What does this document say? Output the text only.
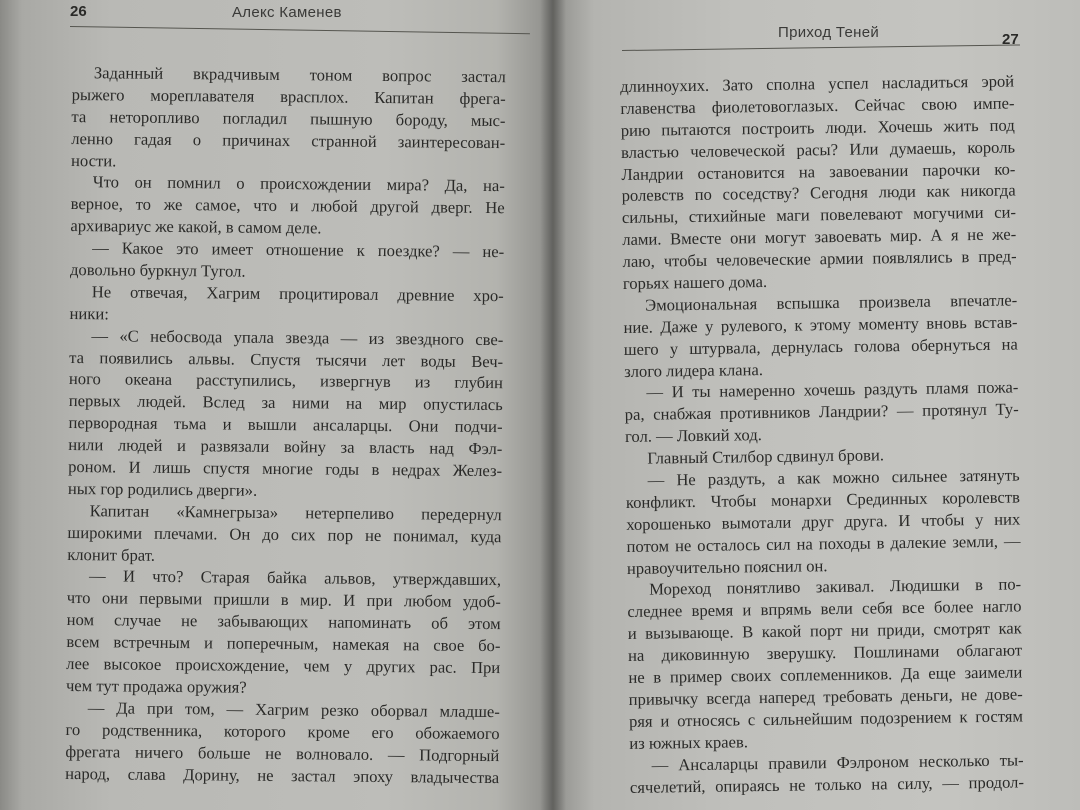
26	Алекс Каменев
Заданный вкрадчивым тоном вопрос застал
рыжего мореплавателя врасплох. Капитан фрега-
та неторопливо погладил пышную бороду, мыс-
ленно гадая о причинах странной заинтересован-
ности.
Что он помнил о происхождении мира? Да, на-
верное, то же самое, что и любой другой дверг. Не
архивариус же какой, в самом деле.
— Какое это имеет отношение к поездке? — не-
довольно буркнул Тугол.
Не отвечая, Хагрим процитировал древние хро-
ники:
— «С небосвода упала звезда — из звездного све-
та появились альвы. Спустя тысячи лет воды Веч-
ного океана расступились, извергнув из глубин
первых людей. Вслед за ними на мир опустилась
первородная тьма и вышли ансаларцы. Они подчи-
нили людей и развязали войну за власть над Фэл-
роном. И лишь спустя многие годы в недрах Желез-
ных гор родились дверги».
Капитан «Камнегрыза» нетерпеливо передернул
широкими плечами. Он до сих пор не понимал, куда
клонит брат.
— И что? Старая байка альвов, утверждавших,
что они первыми пришли в мир. И при любом удоб-
ном случае не забывающих напоминать об этом
всем встречным и поперечным, намекая на свое бо-
лее высокое происхождение, чем у других рас. При
чем тут продажа оружия?
— Да при том, — Хагрим резко оборвал младше-
го родственника, которого кроме его обожаемого
фрегата ничего больше не волновало. — Подгорный
народ, слава Дорину, не застал эпоху владычества
Приход Теней	27
длинноухих. Зато сполна успел насладиться эрой
главенства фиолетовоглазых. Сейчас свою импе-
рию пытаются построить люди. Хочешь жить под
властью человеческой расы? Или думаешь, король
Ландрии остановится на завоевании парочки ко-
ролевств по соседству? Сегодня люди как никогда
сильны, стихийные маги повелевают могучими си-
лами. Вместе они могут завоевать мир. А я не же-
лаю, чтобы человеческие армии появлялись в пред-
горьях нашего дома.
Эмоциональная вспышка произвела впечатле-
ние. Даже у рулевого, к этому моменту вновь встав-
шего у штурвала, дернулась голова обернуться на
злого лидера клана.
— И ты намеренно хочешь раздуть пламя пожа-
ра, снабжая противников Ландрии? — протянул Ту-
гол. — Ловкий ход.
Главный Стилбор сдвинул брови.
— Не раздуть, а как можно сильнее затянуть
конфликт. Чтобы монархи Срединных королевств
хорошенько вымотали друг друга. И чтобы у них
потом не осталось сил на походы в далекие земли, —
нравоучительно пояснил он.
Мореход понятливо закивал. Людишки в по-
следнее время и впрямь вели себя все более нагло
и вызывающе. В какой порт ни приди, смотрят как
на диковинную зверушку. Пошлинами облагают
не в пример своих соплеменников. Да еще заимели
привычку всегда наперед требовать деньги, не дове-
ряя и относясь с сильнейшим подозрением к гостям
из южных краев.
— Ансаларцы правили Фэлроном несколько ты-
сячелетий, опираясь не только на силу, — продол-
